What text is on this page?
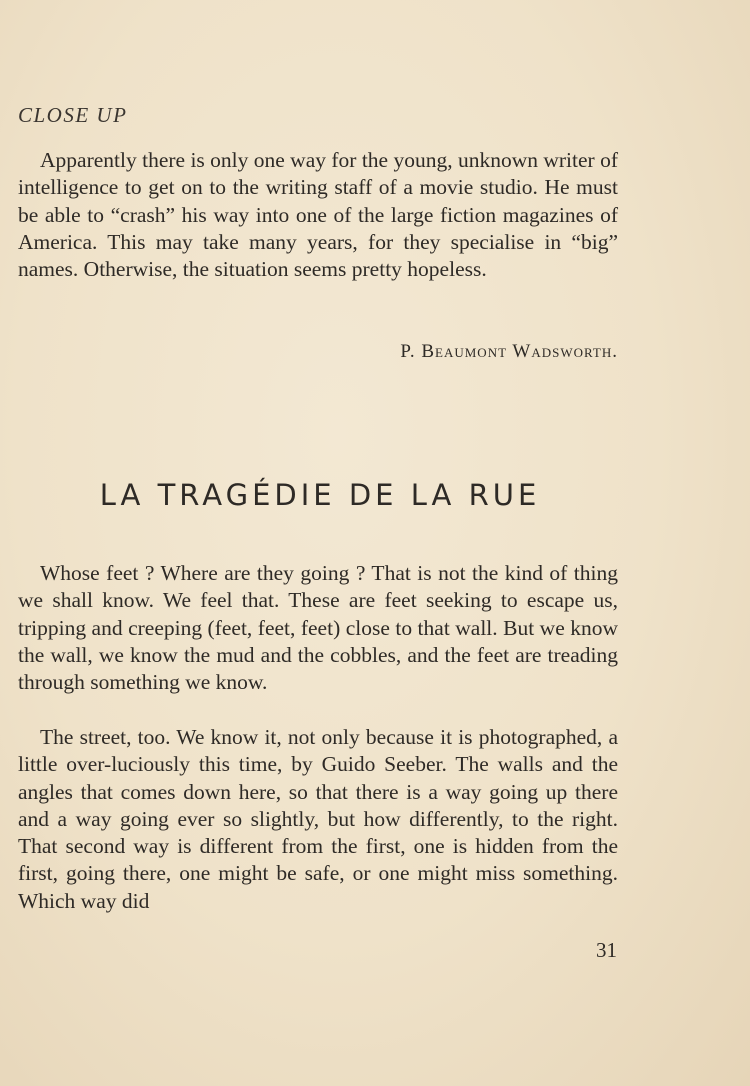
CLOSE UP

Apparently there is only one way for the young, unknown writer of intelligence to get on to the writing staff of a movie studio. He must be able to “crash” his way into one of the large fiction magazines of America. This may take many years, for they specialise in “big” names. Otherwise, the situation seems pretty hopeless.

P. Beaumont Wadsworth.
LA TRAGÉDIE DE LA RUE

Whose feet ? Where are they going ? That is not the kind of thing we shall know. We feel that. These are feet seeking to escape us, tripping and creeping (feet, feet, feet) close to that wall. But we know the wall, we know the mud and the cobbles, and the feet are treading through something we know.

The street, too. We know it, not only because it is photographed, a little over-luciously this time, by Guido Seeber. The walls and the angles that comes down here, so that there is a way going up there and a way going ever so slightly, but how differently, to the right. That second way is different from the first, one is hidden from the first, going there, one might be safe, or one might miss something. Which way did

31
